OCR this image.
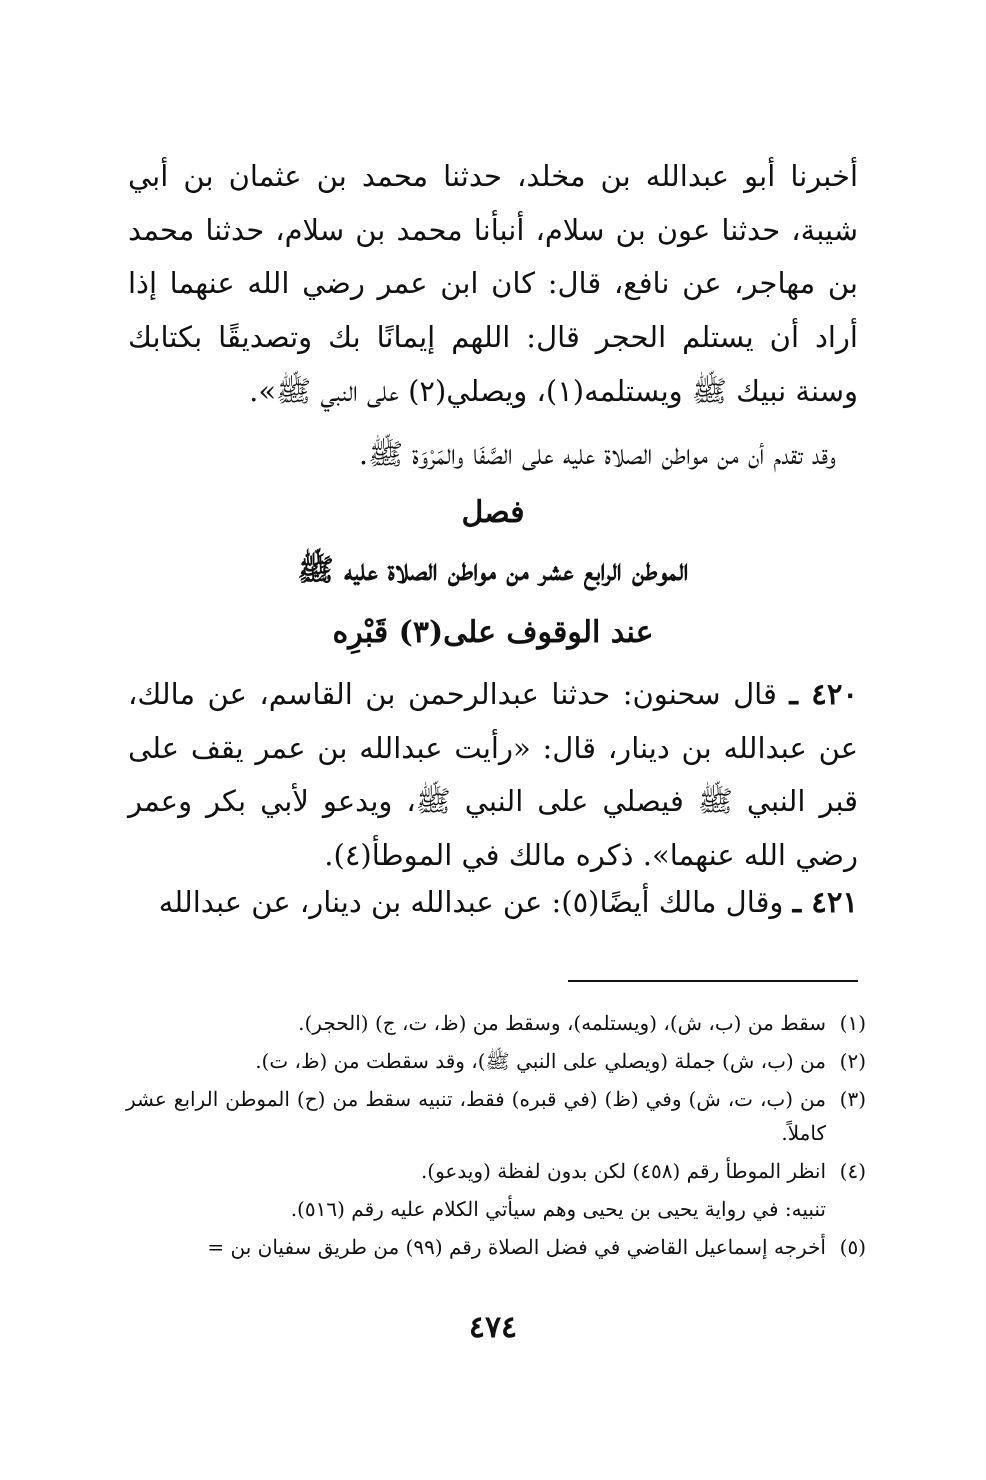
أخبرنا أبو عبدالله بن مخلد، حدثنا محمد بن عثمان بن أبي شيبة، حدثنا عون بن سلام، أنبأنا محمد بن سلام، حدثنا محمد بن مهاجر، عن نافع، قال: كان ابن عمر رضي الله عنهما إذا أراد أن يستلم الحجر قال: اللهم إيمانًا بك وتصديقًا بكتابك وسنة نبيك ﷺ ويستلمه(١)، ويصلي(٢) على النبي ﷺ».

وقد تقدم أن من مواطن الصلاة عليه على الصَّفَا والمَرْوَة ﷺ.

فصل
الموطن الرابع عشر من مواطن الصلاة عليه ﷺ
عند الوقوف على(٣) قَبْرِه

٤٢٠ ـ قال سحنون: حدثنا عبدالرحمن بن القاسم، عن مالك، عن عبدالله بن دينار، قال: «رأيت عبدالله بن عمر يقف على قبر النبي ﷺ فيصلي على النبي ﷺ، ويدعو لأبي بكر وعمر رضي الله عنهما». ذكره مالك في الموطأ(٤).

٤٢١ ـ وقال مالك أيضًا(٥): عن عبدالله بن دينار، عن عبدالله

(١)
سقط من (ب، ش)، (ويستلمه)، وسقط من (ظ، ت، ج) (الحجر).
(٢)
من (ب، ش) جملة (ويصلي على النبي ﷺ)، وقد سقطت من (ظ، ت).
(٣)
من (ب، ت، ش) وفي (ظ) (في قبره) فقط، تنبيه سقط من (ح) الموطن الرابع عشر كاملاً.
(٤)
انظر الموطأ رقم (٤٥٨) لكن بدون لفظة (ويدعو).
تنبيه: في رواية يحيى بن يحيى وهم سيأتي الكلام عليه رقم (٥١٦).
(٥)
أخرجه إسماعيل القاضي في فضل الصلاة رقم (٩٩) من طريق سفيان بن =
٤٧٤
